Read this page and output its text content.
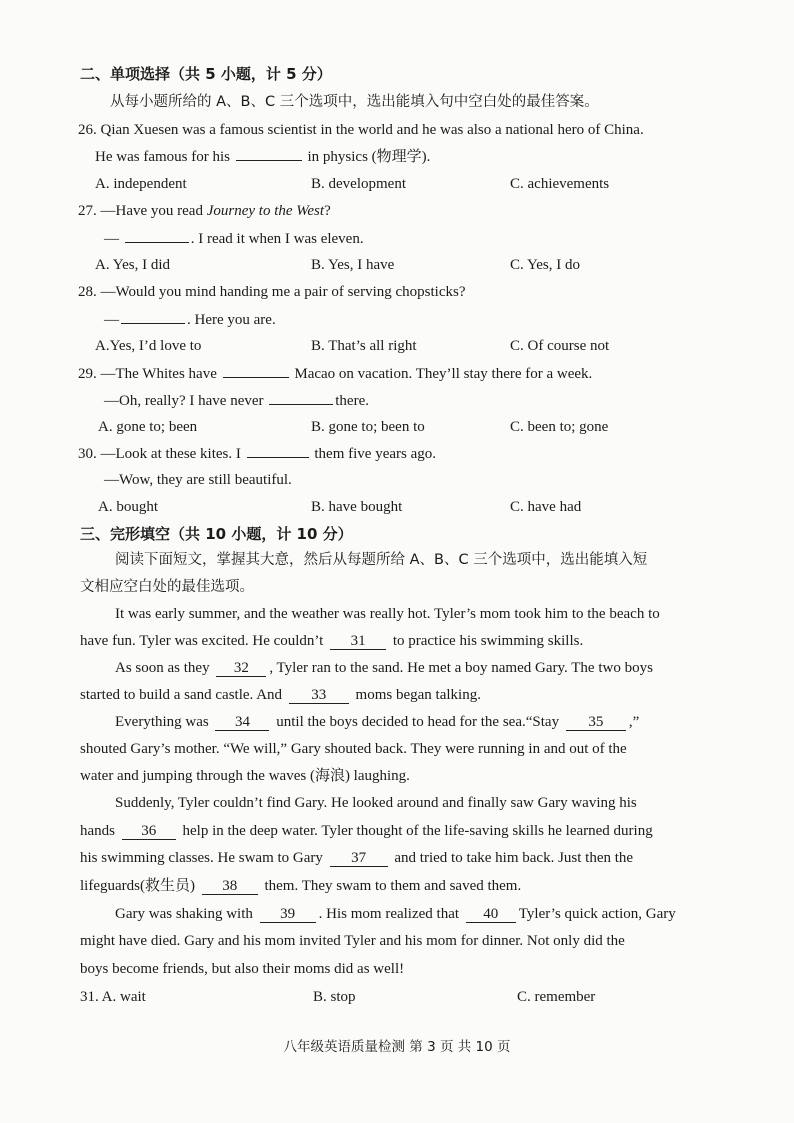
二、单项选择（共 5 小题，计 5 分）
从每小题所给的 A、B、C 三个选项中，选出能填入句中空白处的最佳答案。
26. Qian Xuesen was a famous scientist in the world and he was also a national hero of China.
He was famous for his	in physics (物理学).
A. independent	B. development	C. achievements
27. —Have you read Journey to the West?
—	. I read it when I was eleven.
A. Yes, I did	B. Yes, I have	C. Yes, I do
28. —Would you mind handing me a pair of serving chopsticks?
—	. Here you are.
A.Yes, I’d love to	B. That’s all right	C. Of course not
29. —The Whites have	Macao on vacation. They’ll stay there for a week.
—Oh, really? I have never	there.
A. gone to; been	B. gone to; been to	C. been to; gone
30. —Look at these kites. I	them five years ago.
—Wow, they are still beautiful.
A. bought	B. have bought	C. have had
三、完形填空（共 10 小题，计 10 分）
阅读下面短文，掌握其大意，然后从每题所给 A、B、C 三个选项中，选出能填入短
文相应空白处的最佳选项。
It was early summer, and the weather was really hot. Tyler’s mom took him to the beach to
have fun. Tyler was excited. He couldn’t 31 to practice his swimming skills.
As soon as they 32 , Tyler ran to the sand. He met a boy named Gary. The two boys
started to build a sand castle. And 33 moms began talking.
Everything was 34 until the boys decided to head for the sea.“Stay 35 ,”
shouted Gary’s mother. “We will,” Gary shouted back. They were running in and out of the
water and jumping through the waves (海浪) laughing.
Suddenly, Tyler couldn’t find Gary. He looked around and finally saw Gary waving his
hands 36 help in the deep water. Tyler thought of the life-saving skills he learned during
his swimming classes. He swam to Gary 37 and tried to take him back. Just then the
lifeguards(救生员) 38 them. They swam to them and saved them.
Gary was shaking with 39 . His mom realized that 40 Tyler’s quick action, Gary
might have died. Gary and his mom invited Tyler and his mom for dinner. Not only did the
boys become friends, but also their moms did as well!
31. A. wait	B. stop	C. remember
八年级英语质量检测 第 3 页 共 10 页
